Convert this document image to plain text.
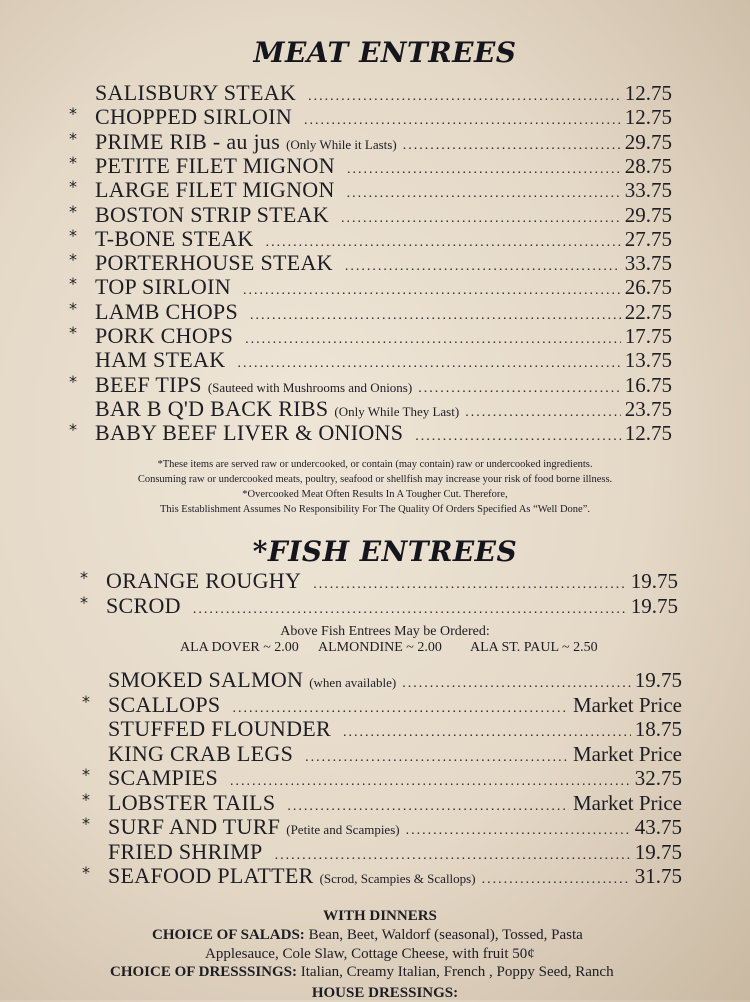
MEAT ENTREES
SALISBURY STEAK .....	12.75
* CHOPPED SIRLOIN .....	12.75
* PRIME RIB - au jus (Only While it Lasts) .....	29.75
* PETITE FILET MIGNON .....	28.75
* LARGE FILET MIGNON .....	33.75
* BOSTON STRIP STEAK .....	29.75
* T-BONE STEAK .....	27.75
* PORTERHOUSE STEAK .....	33.75
* TOP SIRLOIN .....	26.75
* LAMB CHOPS .....	22.75
* PORK CHOPS .....	17.75
HAM STEAK .....	13.75
* BEEF TIPS (Sauteed with Mushrooms and Onions) .....	16.75
BAR B Q'D BACK RIBS (Only While They Last) .....	23.75
* BABY BEEF LIVER & ONIONS .....	12.75
*These items are served raw or undercooked, or contain (may contain) raw or undercooked ingredients.
Consuming raw or undercooked meats, poultry, seafood or shellfish may increase your risk of food borne illness.
*Overcooked Meat Often Results In A Tougher Cut. Therefore,
This Establishment Assumes No Responsibility For The Quality Of Orders Specified As “Well Done”.
*FISH ENTREES
* ORANGE ROUGHY .....	19.75
* SCROD .....	19.75
Above Fish Entrees May be Ordered:
ALA DOVER ~ 2.00 ALMONDINE ~ 2.00 ALA ST. PAUL ~ 2.50
SMOKED SALMON (when available) .....	19.75
* SCALLOPS .....	Market Price
STUFFED FLOUNDER .....	18.75
KING CRAB LEGS .....	Market Price
* SCAMPIES .....	32.75
* LOBSTER TAILS .....	Market Price
* SURF AND TURF (Petite and Scampies) .....	43.75
FRIED SHRIMP .....	19.75
* SEAFOOD PLATTER (Scrod, Scampies & Scallops) .....	31.75
WITH DINNERS
CHOICE OF SALADS: Bean, Beet, Waldorf (seasonal), Tossed, Pasta
Applesauce, Cole Slaw, Cottage Cheese, with fruit 50¢
CHOICE OF DRESSSINGS: Italian, Creamy Italian, French , Poppy Seed, Ranch
HOUSE DRESSINGS:
